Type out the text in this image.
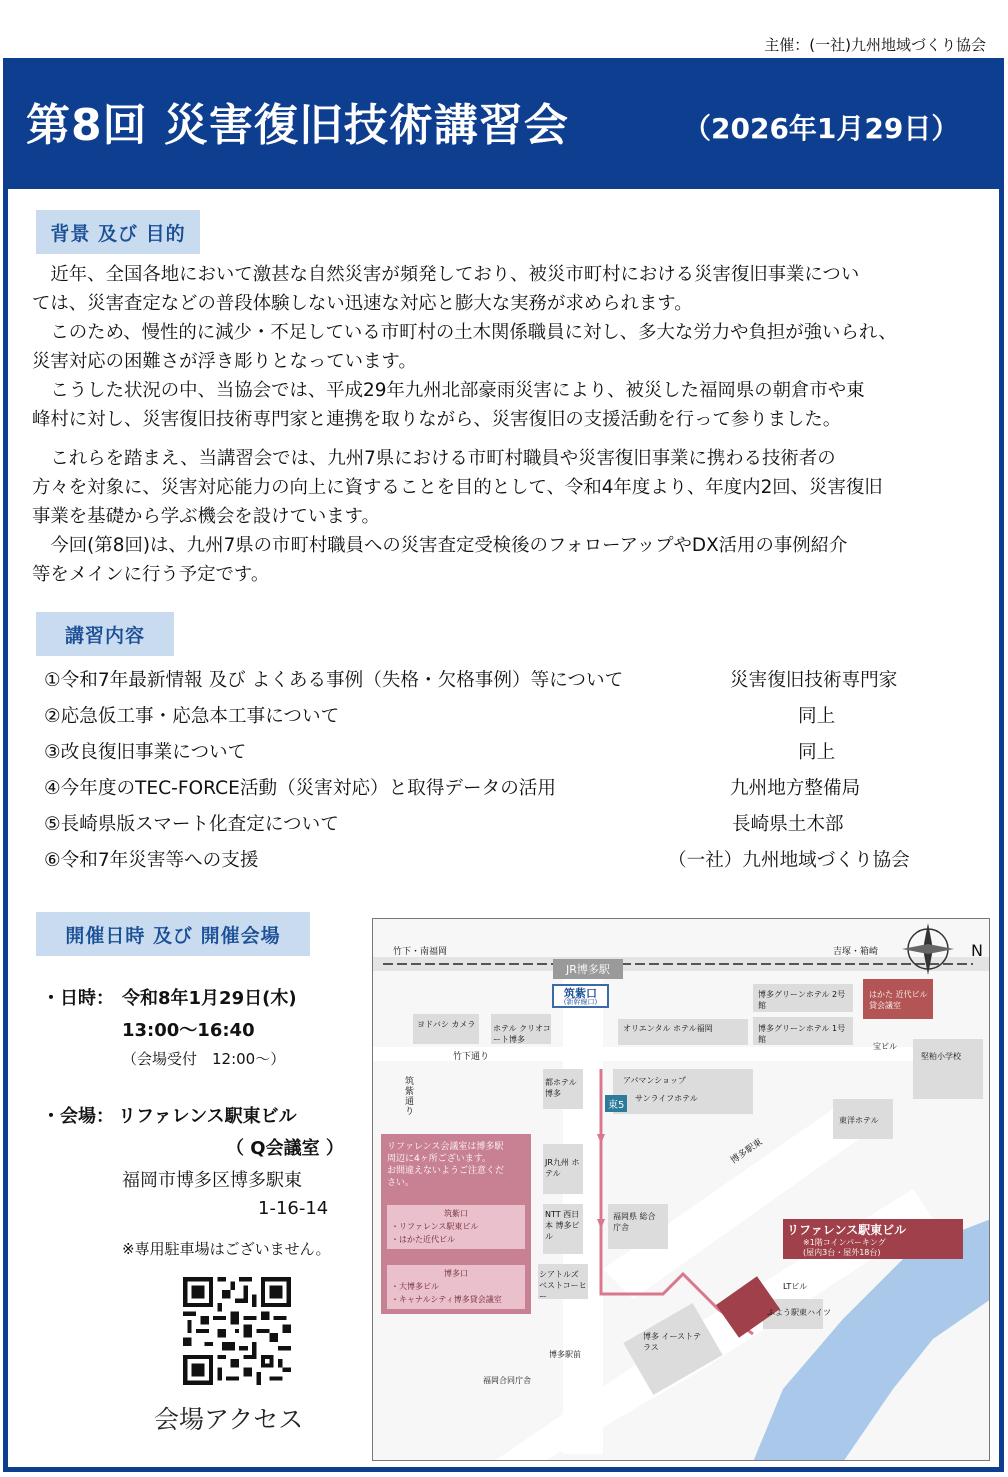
主催：(一社)九州地域づくり協会
第8回 災害復旧技術講習会	（2026年1月29日）
背景 及び 目的
　近年、全国各地において激甚な自然災害が頻発しており、被災市町村における災害復旧事業につい
ては、災害査定などの普段体験しない迅速な対応と膨大な実務が求められます。
　このため、慢性的に減少・不足している市町村の土木関係職員に対し、多大な労力や負担が強いられ、
災害対応の困難さが浮き彫りとなっています。
　こうした状況の中、当協会では、平成29年九州北部豪雨災害により、被災した福岡県の朝倉市や東
峰村に対し、災害復旧技術専門家と連携を取りながら、災害復旧の支援活動を行って参りました。
　これらを踏まえ、当講習会では、九州7県における市町村職員や災害復旧事業に携わる技術者の
方々を対象に、災害対応能力の向上に資することを目的として、令和4年度より、年度内2回、災害復旧
事業を基礎から学ぶ機会を設けています。
　今回(第8回)は、九州7県の市町村職員への災害査定受検後のフォローアップやDX活用の事例紹介
等をメインに行う予定です。
講習内容
①令和7年最新情報 及び よくある事例（失格・欠格事例）等について	災害復旧技術専門家
②応急仮工事・応急本工事について	同上
③改良復旧事業について	同上
④今年度のTEC-FORCE活動（災害対応）と取得データの活用	九州地方整備局
⑤長崎県版スマート化査定について	長崎県土木部
⑥令和7年災害等への支援	（一社）九州地域づくり協会
開催日時 及び 開催会場
・日時： 令和8年1月29日(木)
13:00～16:40
（会場受付　12:00～）
・会場： リファレンス駅東ビル
（ Q会議室 ）
福岡市博多区博多駅東
1-16-14
※専用駐車場はございません。
会場アクセス
JR博多駅
筑紫口
(新幹線口)
竹下・南福岡	吉塚・箱崎	N
竹下通り
筑紫通り
博多駅東
東5
ヨドバシ カメラ ホテル クリオコート博多
オリエンタル ホテル福岡
博多グリーンホテル 2号館
博多グリーンホテル 1号館
はかた 近代ビル貸会議室
都ホテル 博多
アパマンショップ
サンライフホテル
JR九州 ホテル
NTT 西日本 博多ビル
福岡県 総合庁舎
シアトルズ ベストコーヒー
博多 イーストテラス
LTビル
東洋ホテル
堅粕小学校
宝ビル
ふよう駅東ハイツ
福岡合同庁舎
博多駅前
リファレンス会議室は博多駅
周辺に4ヶ所ございます。
お間違えないようご注意くだ
さい。
筑紫口
・リファレンス駅東ビル
・はかた近代ビル
博多口
・大博多ビル
・キャナルシティ博多貸会議室
リファレンス駅東ビル
※1階コインパーキング
(屋内3台・屋外18台)
